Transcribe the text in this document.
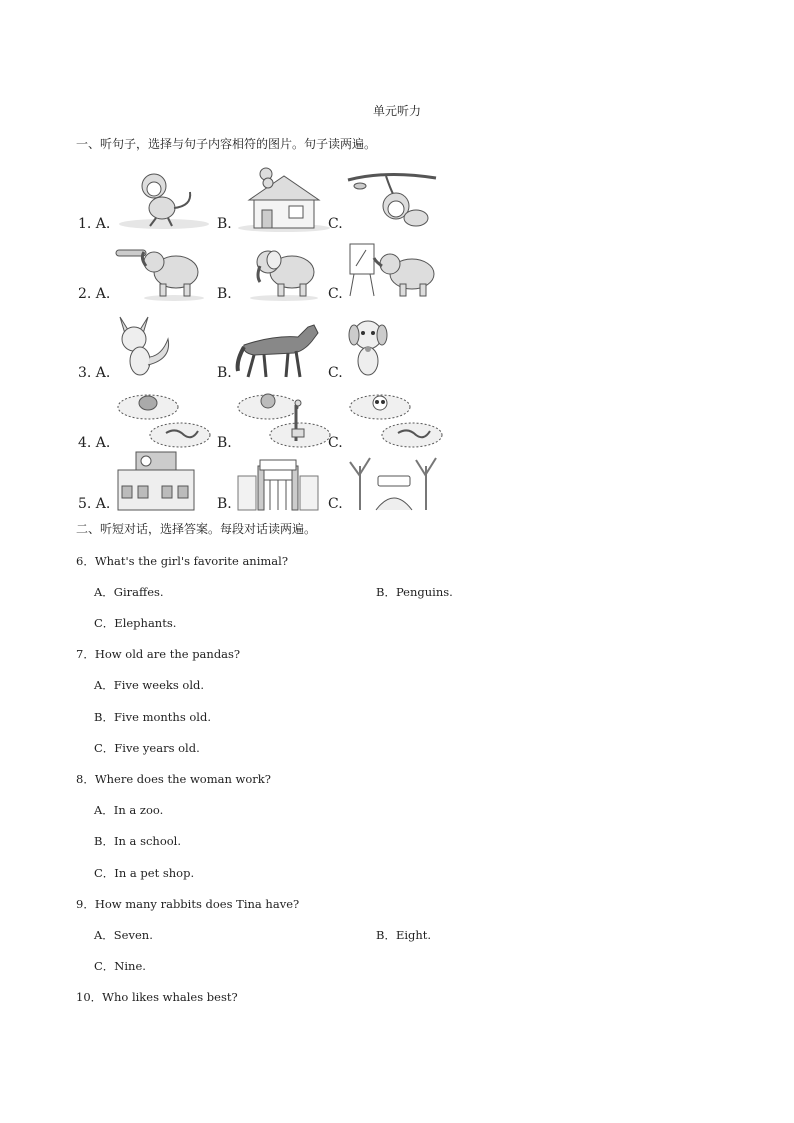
单元听力
一、听句子，选择与句子内容相符的图片。句子读两遍。
1. A.	B.	C.
2. A.	B.	C.
3. A.	B.	C.
4. A.	B.	C.
5. A.	B.	C.
二、听短对话，选择答案。每段对话读两遍。
6．What's the girl's favorite animal?
A．Giraffes.	B．Penguins.
C．Elephants.
7．How old are the pandas?
A．Five weeks old.
B．Five months old.
C．Five years old.
8．Where does the woman work?
A．In a zoo.
B．In a school.
C．In a pet shop.
9．How many rabbits does Tina have?
A．Seven.	B．Eight.
C．Nine.
10．Who likes whales best?
